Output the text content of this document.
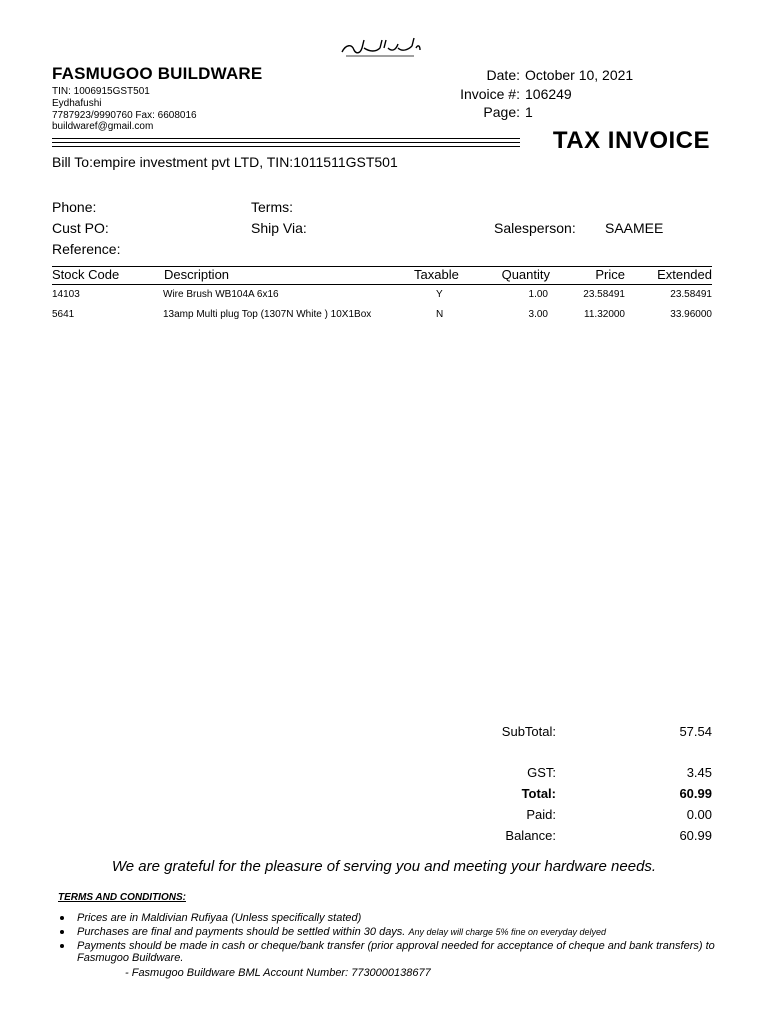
FASMUGOO BUILDWARE
TIN: 1006915GST501
Eydhafushi
7787923/9990760 Fax: 6608016
buildwaref@gmail.com
Date: October 10, 2021
Invoice #: 106249
Page: 1
TAX INVOICE
Bill To:empire investment pvt LTD, TIN:1011511GST501
Phone:	Terms:
Cust PO:	Ship Via:	Salesperson: SAAMEE
Reference:
Stock Code	Description	Taxable	Quantity	Price Extended
14103	Wire Brush WB104A 6x16	Y	1.00	23.58491	23.58491
5641	13amp Multi plug Top (1307N White ) 10X1Box	N	3.00	11.32000	33.96000
SubTotal:	57.54
GST:	3.45
Total:	60.99
Paid:	0.00
Balance:	60.99
We are grateful for the pleasure of serving you and meeting your hardware needs.
TERMS AND CONDITIONS:
Prices are in Maldivian Rufiyaa (Unless specifically stated)
Purchases are final and payments should be settled within 30 days. Any delay will charge 5% fine on everyday delyed
Payments should be made in cash or cheque/bank transfer (prior approval needed for acceptance of cheque and bank transfers) to Fasmugoo Buildware.
- Fasmugoo Buildware BML Account Number: 7730000138677
